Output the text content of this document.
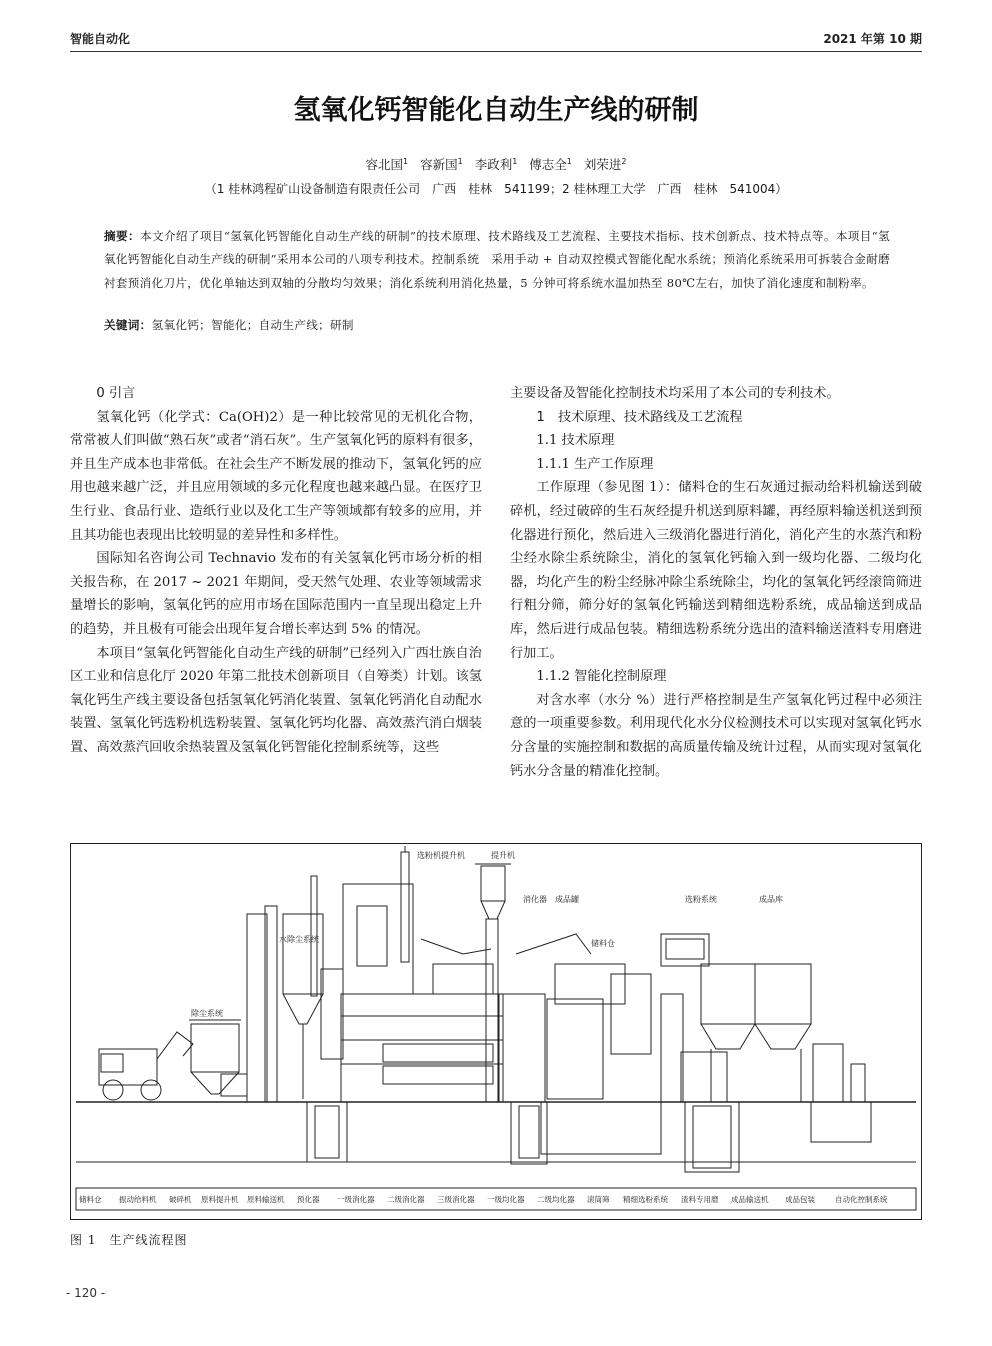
智能自动化	2021 年第 10 期
氢氧化钙智能化自动生产线的研制
容北国$^1$ 容新国$^1$ 李政利$^1$ 傅志全$^1$ 刘荣进$^2$
（1 桂林鸿程矿山设备制造有限责任公司　广西　桂林　541199；2 桂林理工大学　广西　桂林　541004）
摘要：本文介绍了项目“氢氧化钙智能化自动生产线的研制”的技术原理、技术路线及工艺流程、主要技术指标、技术创新点、技术特点等。本项目“氢氧化钙智能化自动生产线的研制”采用本公司的八项专利技术。控制系统　采用手动 + 自动双控模式智能化配水系统；预消化系统采用可拆装合金耐磨衬套预消化刀片，优化单轴达到双轴的分散均匀效果；消化系统利用消化热量，5 分钟可将系统水温加热至 80℃左右，加快了消化速度和制粉率。
关键词：氢氧化钙；智能化；自动生产线；研制

0 引言

氢氧化钙（化学式：Ca(OH)2）是一种比较常见的无机化合物，常常被人们叫做“熟石灰”或者“消石灰”。生产氢氧化钙的原料有很多，并且生产成本也非常低。在社会生产不断发展的推动下，氢氧化钙的应用也越来越广泛，并且应用领域的多元化程度也越来越凸显。在医疗卫生行业、食品行业、造纸行业以及化工生产等领域都有较多的应用，并且其功能也表现出比较明显的差异性和多样性。

国际知名咨询公司 Technavio 发布的有关氢氧化钙市场分析的相关报告称，在 2017 ~ 2021 年期间，受天然气处理、农业等领域需求量增长的影响，氢氧化钙的应用市场在国际范围内一直呈现出稳定上升的趋势，并且极有可能会出现年复合增长率达到 5% 的情况。

本项目“氢氧化钙智能化自动生产线的研制”已经列入广西壮族自治区工业和信息化厅 2020 年第二批技术创新项目（自筹类）计划。该氢氧化钙生产线主要设备包括氢氧化钙消化装置、氢氧化钙消化自动配水装置、氢氧化钙选粉机选粉装置、氢氧化钙均化器、高效蒸汽消白烟装置、高效蒸汽回收余热装置及氢氧化钙智能化控制系统等，这些

主要设备及智能化控制技术均采用了本公司的专利技术。

1　技术原理、技术路线及工艺流程

1.1 技术原理

1.1.1 生产工作原理

工作原理（参见图 1）：储料仓的生石灰通过振动给料机输送到破碎机，经过破碎的生石灰经提升机送到原料罐，再经原料输送机送到预化器进行预化，然后进入三级消化器进行消化，消化产生的水蒸汽和粉尘经水除尘系统除尘，消化的氢氧化钙输入到一级均化器、二级均化器，均化产生的粉尘经脉冲除尘系统除尘，均化的氢氧化钙经滚筒筛进行粗分筛，筛分好的氢氧化钙输送到精细选粉系统，成品输送到成品库，然后进行成品包装。精细选粉系统分选出的渣料输送渣料专用磨进行加工。

1.1.2 智能化控制原理

对含水率（水分 %）进行严格控制是生产氢氧化钙过程中必须注意的一项重要参数。利用现代化水分仪检测技术可以实现对氢氧化钙水分含量的实施控制和数据的高质量传输及统计过程，从而实现对氢氧化钙水分含量的精准化控制。

水除尘系统
选粉机提升机
除尘系统
提升机
消化器 成品罐
储料仓
选粉系统	成品库
储料仓 振动给料机 破碎机 原料提升机 原料输送机 预化器 一级消化器 二级消化器 三级消化器 一级均化器 二级均化器 滚筒筛 精细选粉系统 渣料专用磨 成品输送机 成品包装	自动化控制系统
图 1　生产线流程图
- 120 -
